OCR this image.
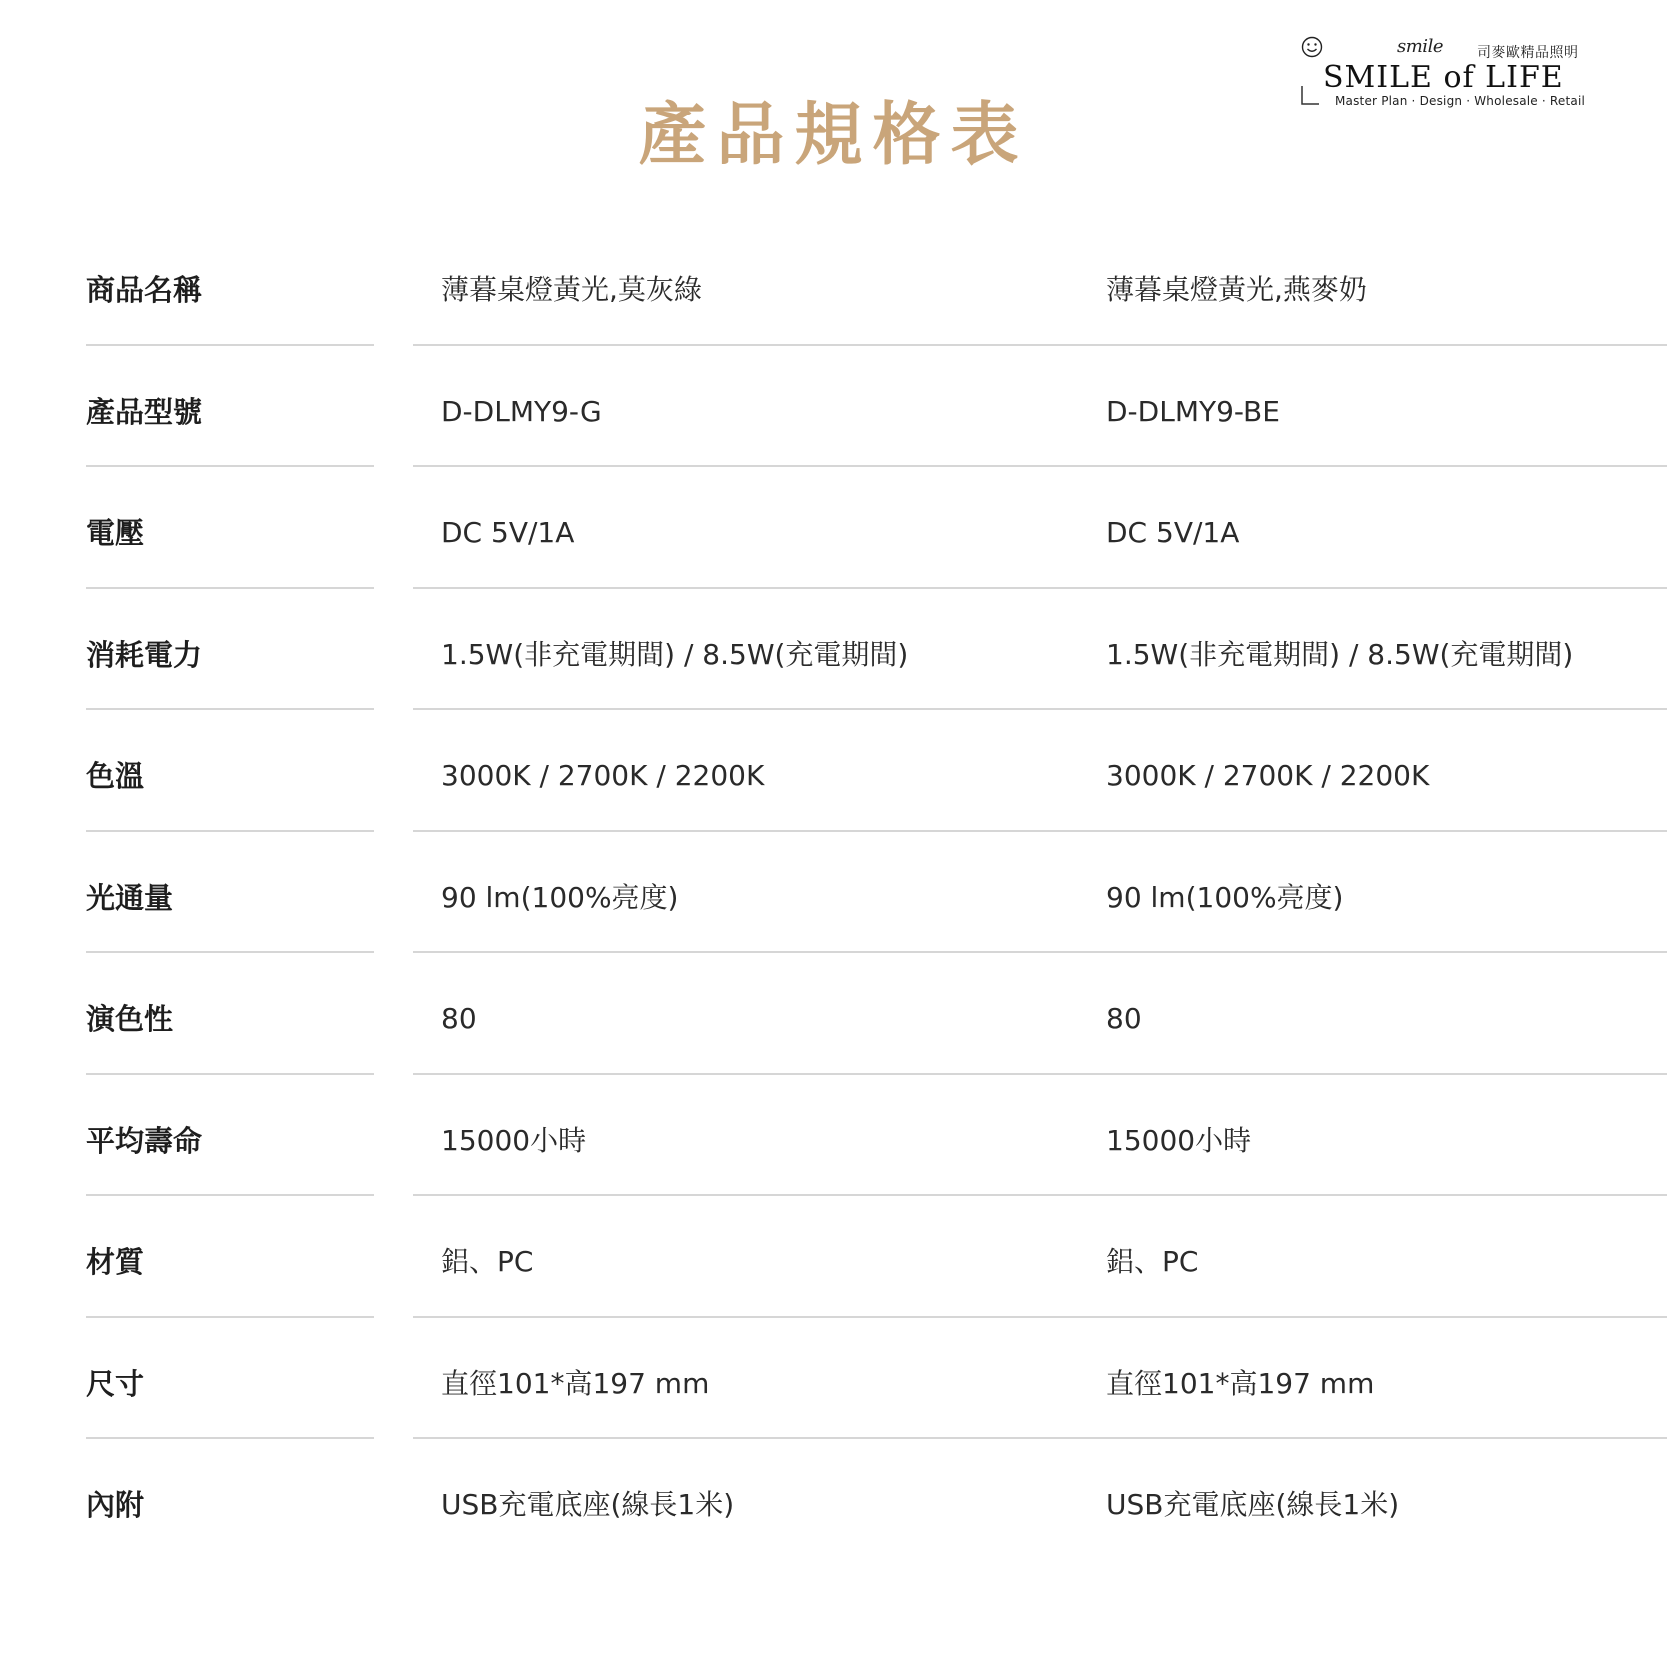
smile 司麥歐精品照明
SMILE of LIFE
Master Plan · Design · Wholesale · Retail
產品規格表
商品名稱	薄暮桌燈黃光,莫灰綠	薄暮桌燈黃光,燕麥奶
產品型號	D-DLMY9-G	D-DLMY9-BE
電壓	DC 5V/1A	DC 5V/1A
消耗電力	1.5W(非充電期間) / 8.5W(充電期間)	1.5W(非充電期間) / 8.5W(充電期間)
色溫	3000K / 2700K / 2200K	3000K / 2700K / 2200K
光通量	90 lm(100%亮度)	90 lm(100%亮度)
演色性	80	80
平均壽命	15000小時	15000小時
材質	鋁、PC	鋁、PC
尺寸	直徑101*高197 mm	直徑101*高197 mm
內附	USB充電底座(線長1米)	USB充電底座(線長1米)
